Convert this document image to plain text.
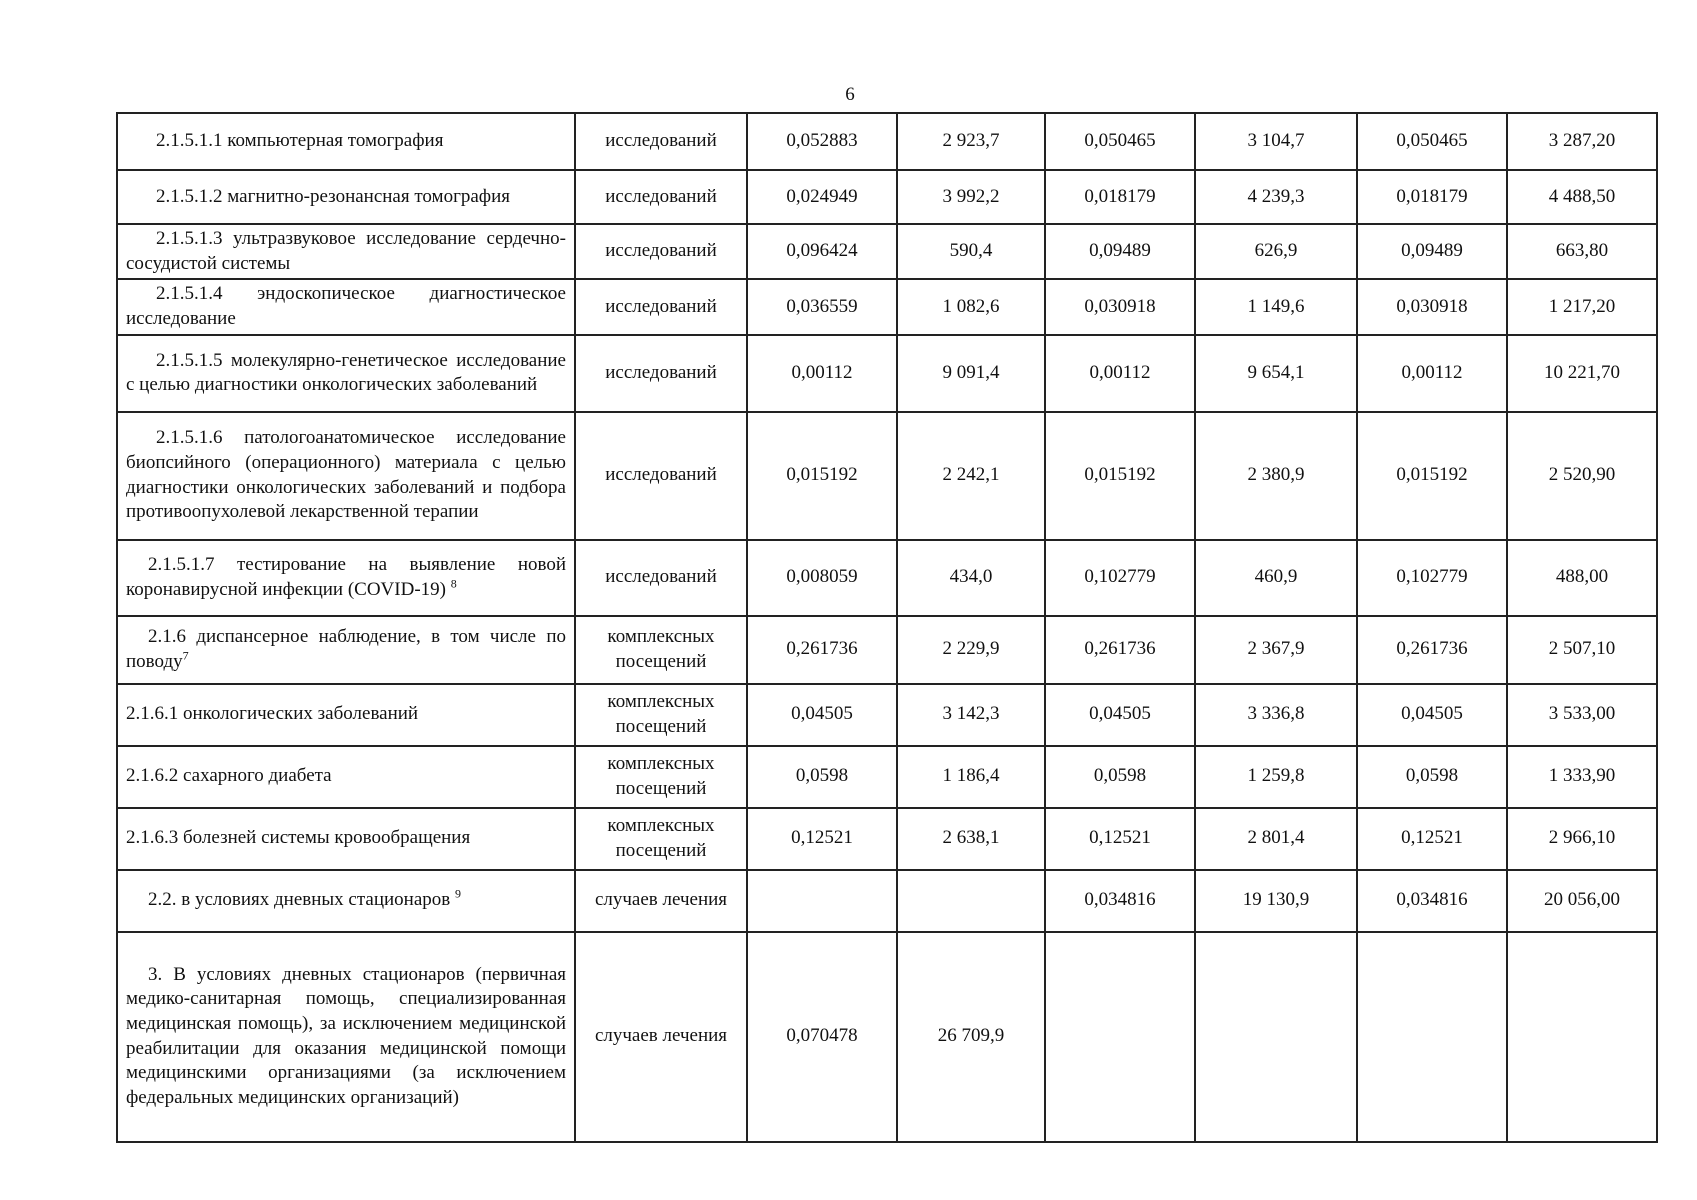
6
2.1.5.1.1 компьютерная томография	исследований	0,052883	2 923,7	0,050465	3 104,7	0,050465	3 287,20
2.1.5.1.2 магнитно-резонансная томография	исследований	0,024949	3 992,2	0,018179	4 239,3	0,018179	4 488,50
2.1.5.1.3 ультразвуковое исследование сердечно-сосудистой системы	исследований	0,096424	590,4	0,09489	626,9	0,09489	663,80
2.1.5.1.4 эндоскопическое диагностическое исследование	исследований	0,036559	1 082,6	0,030918	1 149,6	0,030918	1 217,20
2.1.5.1.5 молекулярно-генетическое исследование с целью диагностики онкологических заболеваний	исследований	0,00112	9 091,4	0,00112	9 654,1	0,00112	10 221,70
2.1.5.1.6 патологоанатомическое исследование биопсийного (операционного) материала с целью диагностики онкологических заболеваний и подбора противоопухолевой лекарственной терапии	исследований	0,015192	2 242,1	0,015192	2 380,9	0,015192	2 520,90
2.1.5.1.7 тестирование на выявление новой коронавирусной инфекции (COVID-19) $^8$	исследований	0,008059	434,0	0,102779	460,9	0,102779	488,00
2.1.6 диспансерное наблюдение, в том числе по поводу$^7$	комплексных посещений	0,261736	2 229,9	0,261736	2 367,9	0,261736	2 507,10
2.1.6.1 онкологических заболеваний	комплексных посещений	0,04505	3 142,3	0,04505	3 336,8	0,04505	3 533,00
2.1.6.2 сахарного диабета	комплексных посещений	0,0598	1 186,4	0,0598	1 259,8	0,0598	1 333,90
2.1.6.3 болезней системы кровообращения	комплексных посещений	0,12521	2 638,1	0,12521	2 801,4	0,12521	2 966,10
2.2. в условиях дневных стационаров $^9$	случаев лечения			0,034816	19 130,9	0,034816	20 056,00
3. В условиях дневных стационаров (первичная медико-санитарная помощь, специализированная медицинская помощь), за исключением медицинской реабилитации для оказания медицинской помощи медицинскими организациями (за исключением федеральных медицинских организаций)	случаев лечения	0,070478	26 709,9				
